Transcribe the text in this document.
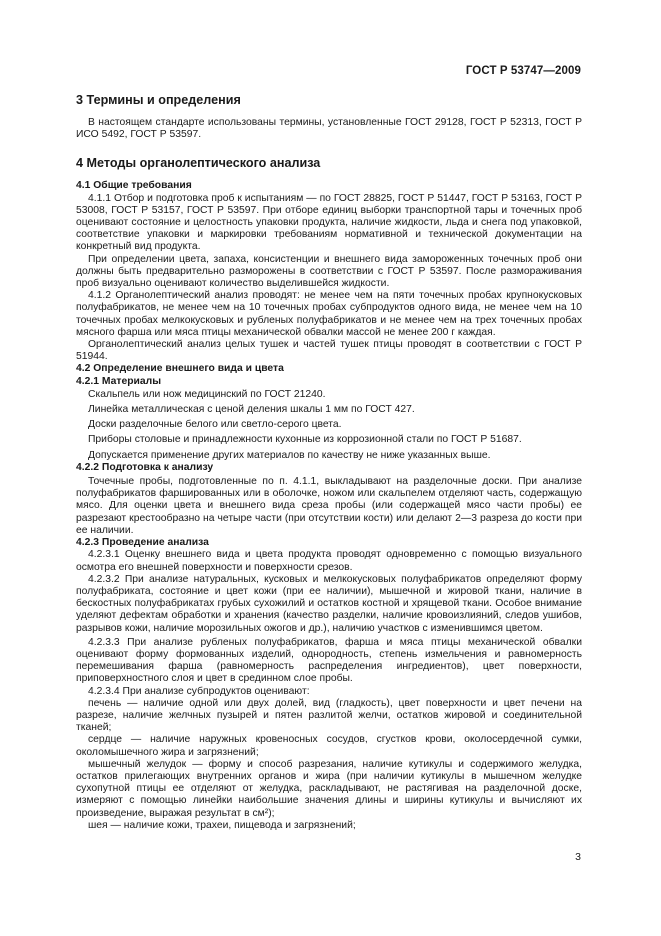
ГОСТ Р 53747—2009
3 Термины и определения

В настоящем стандарте использованы термины, установленные ГОСТ 29128, ГОСТ Р 52313, ГОСТ Р ИСО 5492, ГОСТ Р 53597.

4 Методы органолептического анализа

4.1 Общие требования

4.1.1 Отбор и подготовка проб к испытаниям — по ГОСТ 28825, ГОСТ Р 51447, ГОСТ Р 53163, ГОСТ Р 53008, ГОСТ Р 53157, ГОСТ Р 53597. При отборе единиц выборки транспортной тары и точечных проб оценивают состояние и целостность упаковки продукта, наличие жидкости, льда и снега под упаковкой, соответствие упаковки и маркировки требованиям нормативной и технической документации на конкретный вид продукта.

При определении цвета, запаха, консистенции и внешнего вида замороженных точечных проб они должны быть предварительно разморожены в соответствии с ГОСТ Р 53597. После размораживания проб визуально оценивают количество выделившейся жидкости.

4.1.2 Органолептический анализ проводят: не менее чем на пяти точечных пробах крупнокусковых полуфабрикатов, не менее чем на 10 точечных пробах субпродуктов одного вида, не менее чем на 10 точечных пробах мелкокусковых и рубленых полуфабрикатов и не менее чем на трех точечных пробах мясного фарша или мяса птицы механической обвалки массой не менее 200 г каждая.

Органолептический анализ целых тушек и частей тушек птицы проводят в соответствии с ГОСТ Р 51944.

4.2 Определение внешнего вида и цвета

4.2.1 Материалы

Скальпель или нож медицинский по ГОСТ 21240.

Линейка металлическая с ценой деления шкалы 1 мм по ГОСТ 427.

Доски разделочные белого или светло-серого цвета.

Приборы столовые и принадлежности кухонные из коррозионной стали по ГОСТ Р 51687.

Допускается применение других материалов по качеству не ниже указанных выше.

4.2.2 Подготовка к анализу

Точечные пробы, подготовленные по п. 4.1.1, выкладывают на разделочные доски. При анализе полуфабрикатов фаршированных или в оболочке, ножом или скальпелем отделяют часть, содержащую мясо. Для оценки цвета и внешнего вида среза пробы (или содержащей мясо части пробы) ее разрезают крестообразно на четыре части (при отсутствии кости) или делают 2—3 разреза до кости при ее наличии.

4.2.3 Проведение анализа

4.2.3.1 Оценку внешнего вида и цвета продукта проводят одновременно с помощью визуального осмотра его внешней поверхности и поверхности срезов.

4.2.3.2 При анализе натуральных, кусковых и мелкокусковых полуфабрикатов определяют форму полуфабриката, состояние и цвет кожи (при ее наличии), мышечной и жировой ткани, наличие в бескостных полуфабрикатах грубых сухожилий и остатков костной и хрящевой ткани. Особое внимание уделяют дефектам обработки и хранения (качество разделки, наличие кровоизлияний, следов ушибов, разрывов кожи, наличие морозильных ожогов и др.), наличию участков с изменившимся цветом.

4.2.3.3 При анализе рубленых полуфабрикатов, фарша и мяса птицы механической обвалки оценивают форму формованных изделий, однородность, степень измельчения и равномерность перемешивания фарша (равномерность распределения ингредиентов), цвет поверхности, приповерхностного слоя и цвет в срединном слое пробы.

4.2.3.4 При анализе субпродуктов оценивают:

печень — наличие одной или двух долей, вид (гладкость), цвет поверхности и цвет печени на разрезе, наличие желчных пузырей и пятен разлитой желчи, остатков жировой и соединительной тканей;

сердце — наличие наружных кровеносных сосудов, сгустков крови, околосердечной сумки, околомышечного жира и загрязнений;

мышечный желудок — форму и способ разрезания, наличие кутикулы и содержимого желудка, остатков прилегающих внутренних органов и жира (при наличии кутикулы в мышечном желудке сухопутной птицы ее отделяют от желудка, раскладывают, не растягивая на разделочной доске, измеряют с помощью линейки наибольшие значения длины и ширины кутикулы и вычисляют их произведение, выражая результат в см²);

шея — наличие кожи, трахеи, пищевода и загрязнений;

3
